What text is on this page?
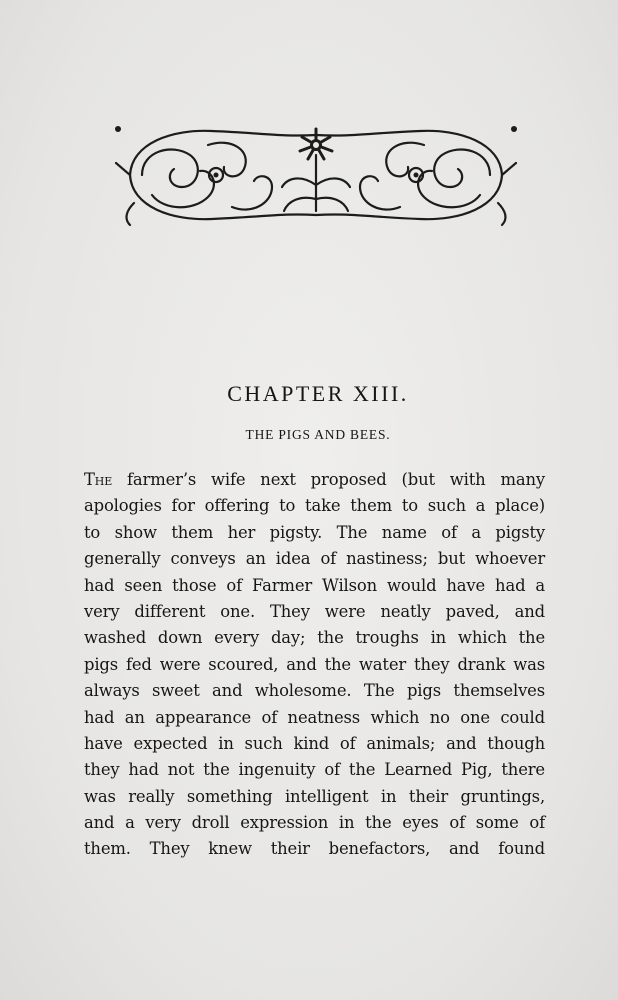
CHAPTER XIII.
THE PIGS AND BEES.
The farmer’s wife next proposed (but with many
apologies for offering to take them to such a place)
to show them her pigsty. The name of a pigsty
generally conveys an idea of nastiness; but whoever
had seen those of Farmer Wilson would have had a
very different one. They were neatly paved, and
washed down every day; the troughs in which the
pigs fed were scoured, and the water they drank was
always sweet and wholesome. The pigs themselves
had an appearance of neatness which no one could
have expected in such kind of animals; and though
they had not the ingenuity of the Learned Pig, there
was really something intelligent in their gruntings,
and a very droll expression in the eyes of some of
them. They knew their benefactors, and found
